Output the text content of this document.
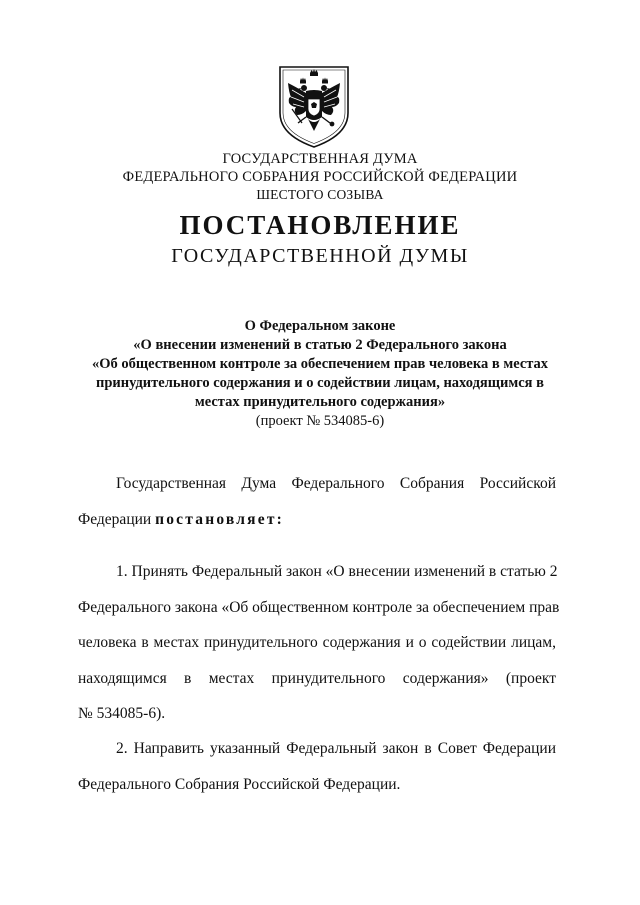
ГОСУДАРСТВЕННАЯ ДУМА
ФЕДЕРАЛЬНОГО СОБРАНИЯ РОССИЙСКОЙ ФЕДЕРАЦИИ
ШЕСТОГО СОЗЫВА
ПОСТАНОВЛЕНИЕ
ГОСУДАРСТВЕННОЙ ДУМЫ
О Федеральном законе
«О внесении изменений в статью 2 Федерального закона
«Об общественном контроле за обеспечением прав человека в местах
принудительного содержания и о содействии лицам, находящимся в
местах принудительного содержания»
(проект № 534085-6)
Государственная Дума Федерального Собрания Российской
Федерации постановляет:
1. Принять Федеральный закон «О внесении изменений в статью 2
Федерального закона «Об общественном контроле за обеспечением прав
человека в местах принудительного содержания и о содействии лицам,
находящимся в местах принудительного содержания» (проект
№ 534085-6).
2. Направить указанный Федеральный закон в Совет Федерации
Федерального Собрания Российской Федерации.
